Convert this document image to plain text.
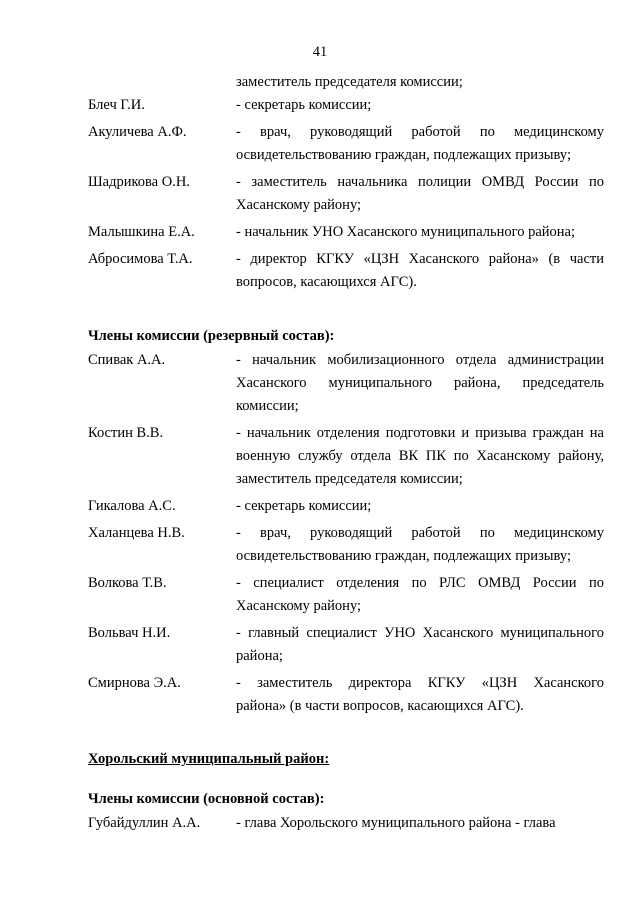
41
заместитель председателя комиссии;
Блеч Г.И.	- секретарь комиссии;
Акуличева А.Ф.	- врач, руководящий работой по медицинскому
освидетельствованию граждан, подлежащих призыву;
Шадрикова О.Н.	- заместитель начальника полиции ОМВД России по
Хасанскому району;
Малышкина Е.А.	- начальник УНО Хасанского муниципального района;
Абросимова Т.А.	- директор КГКУ «ЦЗН Хасанского района» (в части
вопросов, касающихся АГС).
Члены комиссии (резервный состав):
Спивак А.А.	- начальник мобилизационного отдела администрации
Хасанского муниципального района, председатель
комиссии;
Костин В.В.	- начальник отделения подготовки и призыва граждан на
военную службу отдела ВК ПК по Хасанскому району,
заместитель председателя комиссии;
Гикалова А.С.	- секретарь комиссии;
Халанцева Н.В.	- врач, руководящий работой по медицинскому
освидетельствованию граждан, подлежащих призыву;
Волкова Т.В.	- специалист отделения по РЛС ОМВД России по
Хасанскому району;
Вольвач Н.И.	- главный специалист УНО Хасанского муниципального
района;
Смирнова Э.А.	- заместитель директора КГКУ «ЦЗН Хасанского
района» (в части вопросов, касающихся АГС).
Хорольский муниципальный район:
Члены комиссии (основной состав):
Губайдуллин А.А.	- глава Хорольского муниципального района - глава
